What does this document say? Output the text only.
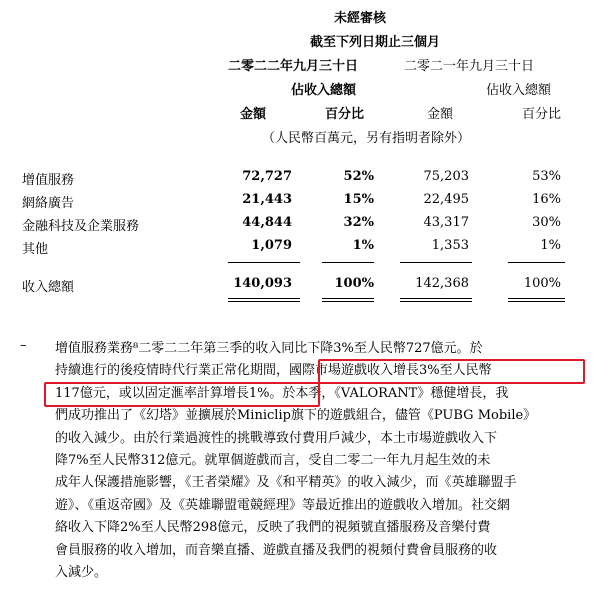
未經審核
截至下列日期止三個月
二零二二年九月三十日	二零二一年九月三十日
佔收入總額	佔收入總額
金額	百分比	金額	百分比
（人民幣百萬元，另有指明者除外）
增值服務	72,727	52%	75,203	53%
網絡廣告	21,443	15%	22,495	16%
金融科技及企業服務	44,844	32%	43,317	30%
其他	1,079	1%	1,353	1%
收入總額	140,093	100%	142,368	100%
– 增值服務業務⁸二零二二年第三季的收入同比下降3%至人民幣727億元。於
持續進行的後疫情時代行業正常化期間，國際市場遊戲收入增長3%至人民幣
117億元，或以固定滙率計算增長1%。於本季，《VALORANT》穩健增長，我
們成功推出了《幻塔》並擴展於Miniclip旗下的遊戲組合，儘管《PUBG Mobile》
的收入減少。由於行業過渡性的挑戰導致付費用戶減少，本土市場遊戲收入下
降7%至人民幣312億元。就單個遊戲而言，受自二零二一年九月起生效的未
成年人保護措施影響，《王者榮耀》及《和平精英》的收入減少，而《英雄聯盟手
遊》、《重返帝國》及《英雄聯盟電競經理》等最近推出的遊戲收入增加。社交網
絡收入下降2%至人民幣298億元，反映了我們的視頻號直播服務及音樂付費
會員服務的收入增加，而音樂直播、遊戲直播及我們的視頻付費會員服務的收
入減少。
